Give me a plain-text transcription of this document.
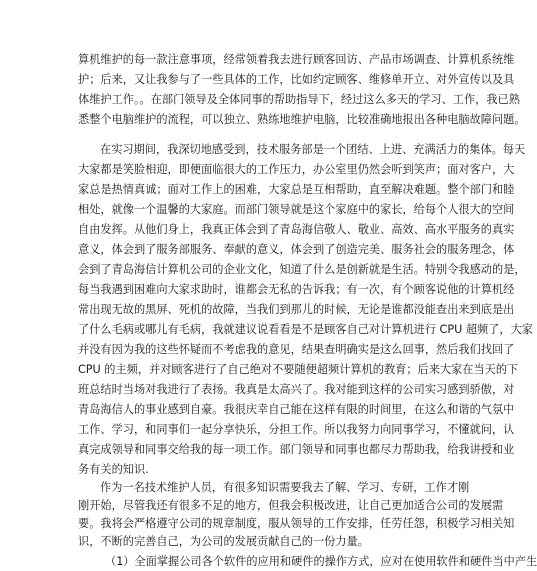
算机维护的每一款注意事项，经常领着我去进行顾客回访、产品市场调查、计算机系统维
护；后来，又让我参与了一些具体的工作，比如约定顾客、维修单开立、对外宣传以及具
体维护工作。。在部门领导及全体同事的帮助指导下，经过这么多天的学习、工作，我已熟
悉整个电脑维护的流程，可以独立、熟练地维护电脑，比较准确地报出各种电脑故障问题。
在实习期间，我深切地感受到，技术服务部是一个团结、上进、充满活力的集体。每天
大家都是笑脸相迎，即便面临很大的工作压力，办公室里仍然会听到笑声；面对客户，大
家总是热情真诚；面对工作上的困难，大家总是互相帮助，直至解决难题。整个部门和睦
相处，就像一个温馨的大家庭。而部门领导就是这个家庭中的家长，给每个人很大的空间
自由发挥。从他们身上，我真正体会到了青岛海信敬人、敬业、高效、高水平服务的真实
意义，体会到了服务部服务、奉献的意义，体会到了创造完美、服务社会的服务理念，体
会到了青岛海信计算机公司的企业文化，知道了什么是创新就是生活。特别令我感动的是，
每当我遇到困难向大家求助时，谁都会无私的告诉我；有一次，有个顾客说他的计算机经
常出现无故的黑屏、死机的故障，当我们到那儿的时候，无论是谁都没能查出来到底是出
了什么毛病或哪儿有毛病，我就建议说看看是不是顾客自己对计算机进行 CPU 超频了，大家
并没有因为我的这些怀疑而不考虑我的意见，结果查明确实是这么回事，然后我们找回了
CPU 的主频，并对顾客进行了自己绝对不要随便超频计算机的教育；后来大家在当天的下
班总结时当场对我进行了表扬。我真是太高兴了。我对能到这样的公司实习感到骄傲，对
青岛海信人的事业感到自豪。我很庆幸自己能在这样有限的时间里，在这么和谐的气氛中
工作、学习，和同事们一起分享快乐，分担工作。所以我努力向同事学习，不懂就问，认
真完成领导和同事交给我的每一项工作。部门领导和同事也都尽力帮助我，给我讲授和业
务有关的知识.
作为一名技术维护人员，有很多知识需要我去了解、学习、专研，工作才刚
刚开始，尽管我还有很多不足的地方，但我会积极改进，让自己更加适合公司的发展需
要。我将会严格遵守公司的规章制度，服从领导的工作安排，任劳任怨，积极学习相关知
识，不断的完善自己，为公司的发展贡献自己的一份力量。
（1）全面掌握公司各个软件的应用和硬件的操作方式，应对在使用软件和硬件当中产生
